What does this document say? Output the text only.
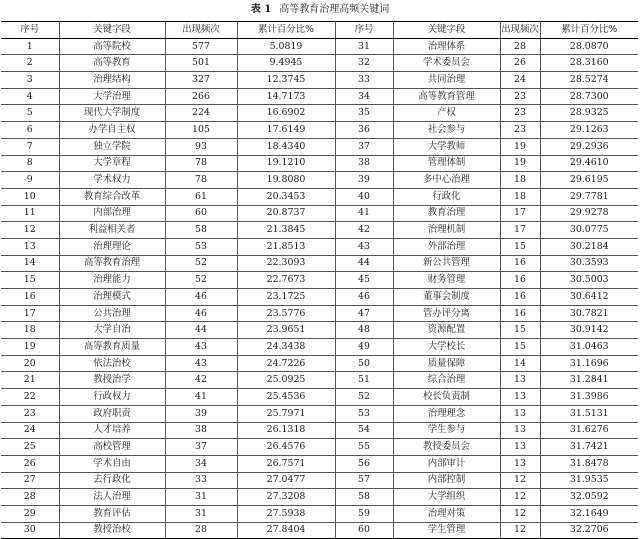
表 1 高等教育治理高频关键词
序号	关键字段	出现频次	累计百分比%	序号	关键字段	出现频次	累计百分比%
1	高等院校	577	5.0819	31	治理体系	28	28.0870
2	高等教育	501	9.4945	32	学术委员会	26	28.3160
3	治理结构	327	12.3745	33	共同治理	24	28.5274
4	大学治理	266	14.7173	34	高等教育管理	23	28.7300
5	现代大学制度	224	16.6902	35	产权	23	28.9325
6	办学自主权	105	17.6149	36	社会参与	23	29.1263
7	独立学院	93	18.4340	37	大学教师	19	29.2936
8	大学章程	78	19.1210	38	管理体制	19	29.4610
9	学术权力	78	19.8080	39	多中心治理	18	29.6195
10	教育综合改革	61	20.3453	40	行政化	18	29.7781
11	内部治理	60	20.8737	41	教育治理	17	29.9278
12	利益相关者	58	21.3845	42	治理机制	17	30.0775
13	治理理论	53	21.8513	43	外部治理	15	30.2184
14	高等教育治理	52	22.3093	44	新公共管理	16	30.3593
15	治理能力	52	22.7673	45	财务管理	16	30.5003
16	治理模式	46	23.1725	46	董事会制度	16	30.6412
17	公共治理	46	23.5776	47	管办评分离	16	30.7821
18	大学自治	44	23.9651	48	资源配置	15	30.9142
19	高等教育质量	43	24.3438	49	大学校长	15	31.0463
20	依法治校	43	24.7226	50	质量保障	14	31.1696
21	教授治学	42	25.0925	51	综合治理	13	31.2841
22	行政权力	41	25.4536	52	校长负责制	13	31.3986
23	政府职责	39	25.7971	53	治理理念	13	31.5131
24	人才培养	38	26.1318	54	学生参与	13	31.6276
25	高校管理	37	26.4576	55	教授委员会	13	31.7421
26	学术自由	34	26.7571	56	内部审计	13	31.8478
27	去行政化	33	27.0477	57	内部控制	12	31.9535
28	法人治理	31	27.3208	58	大学组织	12	32.0592
29	教育评估	31	27.5938	59	治理对策	12	32.1649
30	教授治校	28	27.8404	60	学生管理	12	32.2706
